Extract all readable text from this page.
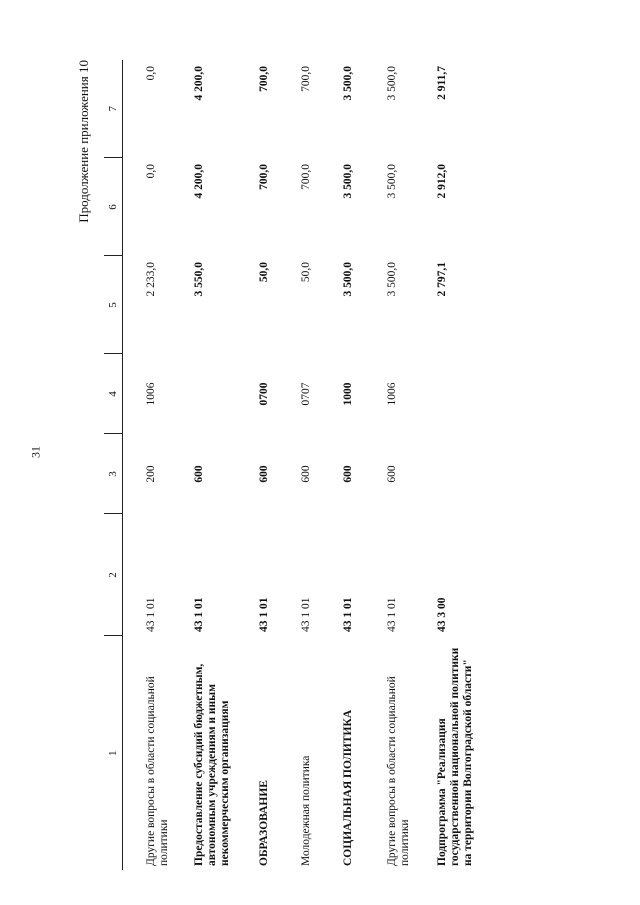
31
Продолжение приложения 10
1	2	3	4	5	6	7

Другие вопросы в области социальной политики	43 1 01	200	1006	2 233,0	0,0	0,0

Предоставление субсидий бюджетным, автономным учреждениям и иным некоммерческим организациям	43 1 01	600		3 550,0	4 200,0	4 200,0

ОБРАЗОВАНИЕ	43 1 01	600	0700	50,0	700,0	700,0

Молодежная политика	43 1 01	600	0707	50,0	700,0	700,0

СОЦИАЛЬНАЯ ПОЛИТИКА	43 1 01	600	1000	3 500,0	3 500,0	3 500,0

Другие вопросы в области социальной политики	43 1 01	600	1006	3 500,0	3 500,0	3 500,0

Подпрограмма "Реализация государственной национальной политики на территории Волгоградской области"	43 3 00			2 797,1	2 912,0	2 911,7
